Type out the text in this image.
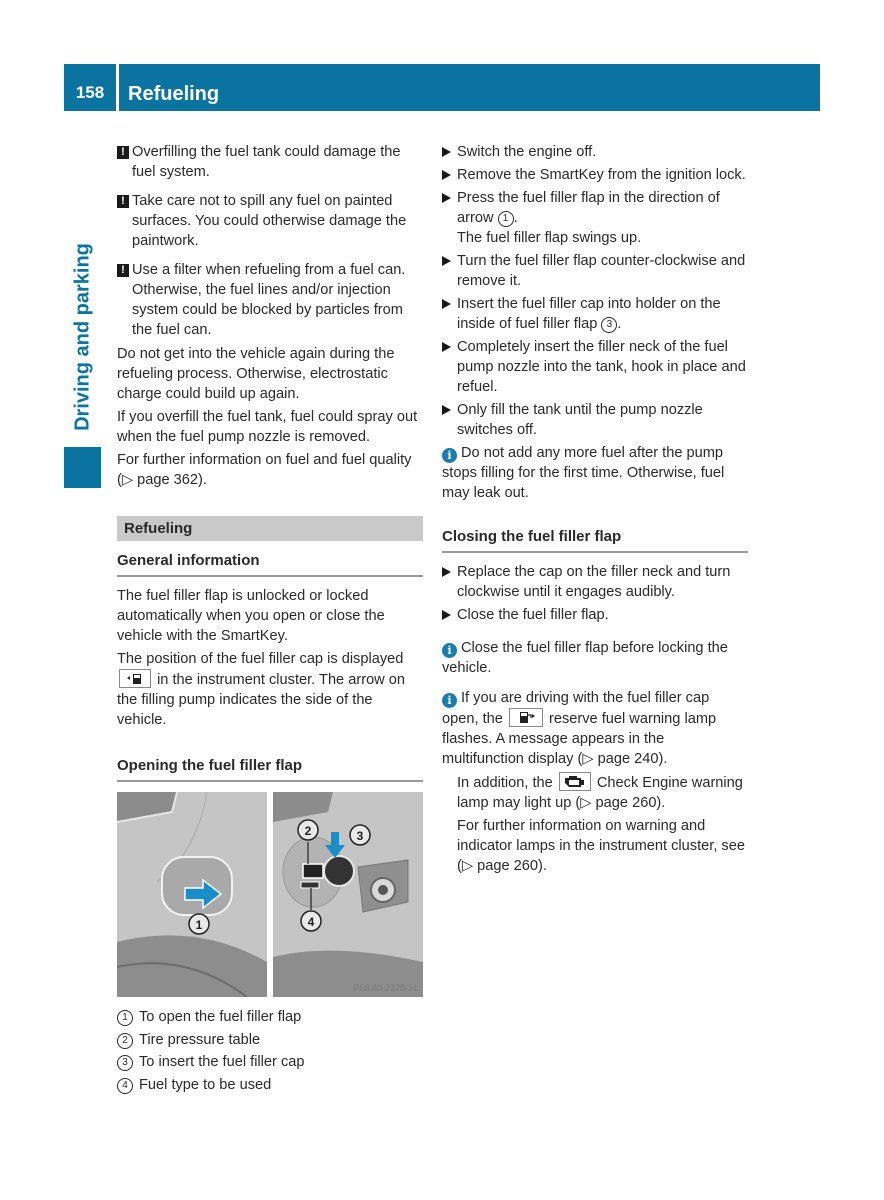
158	Refueling
Driving and parking
! Overfilling the fuel tank could damage the fuel system.

! Take care not to spill any fuel on painted surfaces. You could otherwise damage the paintwork.

! Use a filter when refueling from a fuel can. Otherwise, the fuel lines and/or injection system could be blocked by particles from the fuel can.

Do not get into the vehicle again during the refueling process. Otherwise, electrostatic charge could build up again.

If you overfill the fuel tank, fuel could spray out when the fuel pump nozzle is removed.

For further information on fuel and fuel quality (▷ page 362).

Refueling
General information

The fuel filler flap is unlocked or locked automatically when you open or close the vehicle with the SmartKey.

The position of the fuel filler cap is displayed
in the instrument cluster. The arrow on the filling pump indicates the side of the vehicle.

Opening the fuel filler flap
1
2	3
4
P58.60-2378-31
1 To open the fuel filler flap
2 Tire pressure table
3 To insert the fuel filler cap
4 Fuel type to be used
Switch the engine off.
Remove the SmartKey from the ignition lock.
Press the fuel filler flap in the direction of arrow 1 .
The fuel filler flap swings up.
Turn the fuel filler flap counter-clockwise and remove it.
Insert the fuel filler cap into holder on the inside of fuel filler flap 3 .
Completely insert the filler neck of the fuel pump nozzle into the tank, hook in place and refuel.
Only fill the tank until the pump nozzle switches off.
i Do not add any more fuel after the pump stops filling for the first time. Otherwise, fuel may leak out.
Closing the fuel filler flap
Replace the cap on the filler neck and turn clockwise until it engages audibly.
Close the fuel filler flap.
i Close the fuel filler flap before locking the vehicle.
i If you are driving with the fuel filler cap open, the	reserve fuel warning lamp flashes. A message appears in the multifunction display (▷ page 240).
In addition, the	Check Engine warning lamp may light up (▷ page 260).
For further information on warning and indicator lamps in the instrument cluster, see (▷ page 260).
